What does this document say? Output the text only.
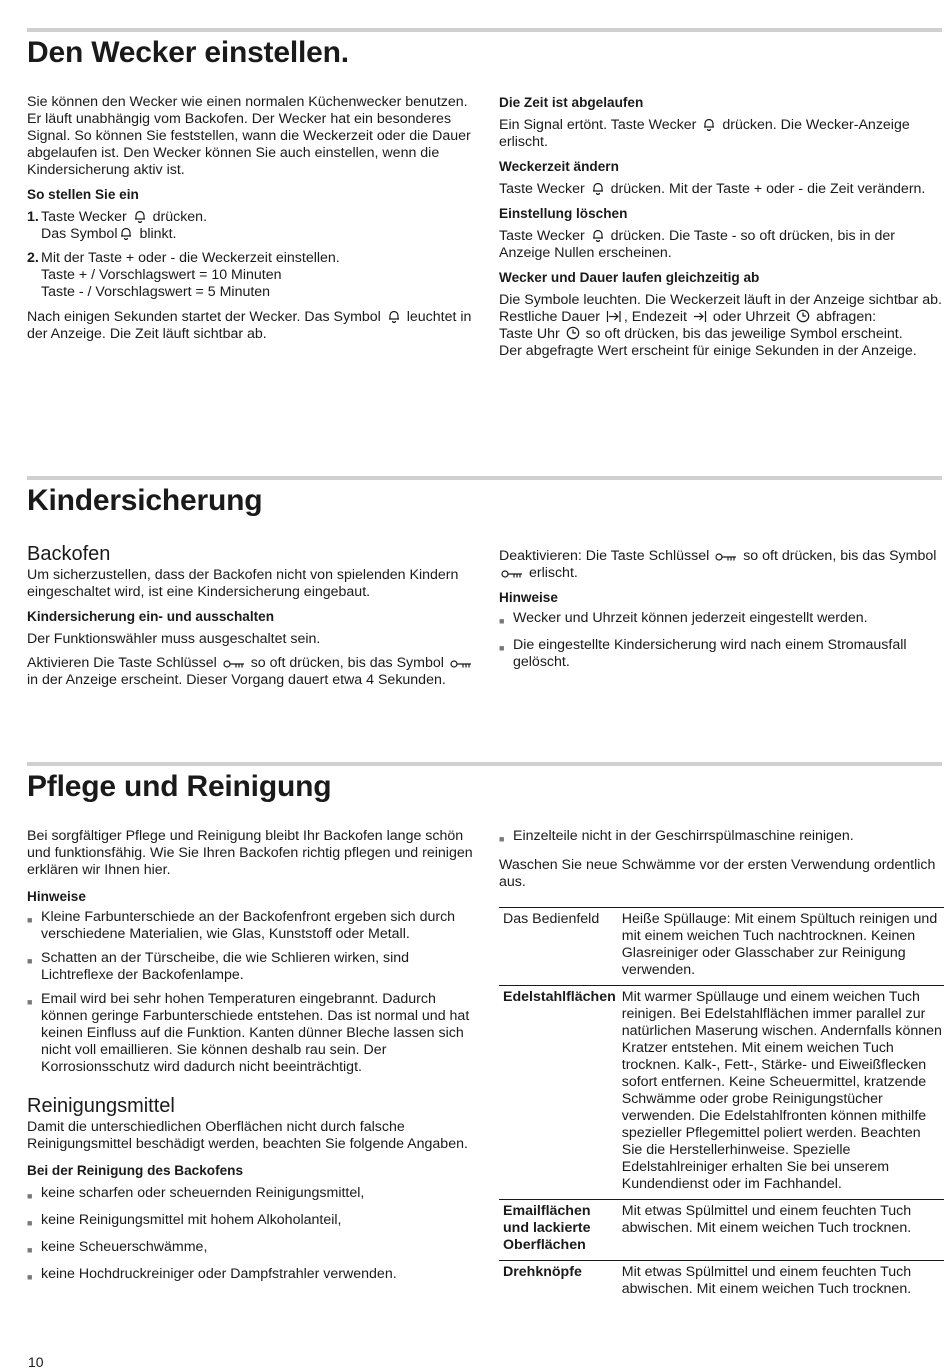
Den Wecker einstellen.

Sie können den Wecker wie einen normalen Küchenwecker benutzen. Er läuft unabhängig vom Backofen. Der Wecker hat ein besonderes Signal. So können Sie feststellen, wann die Weckerzeit oder die Dauer abgelaufen ist. Den Wecker können Sie auch einstellen, wenn die Kindersicherung aktiv ist.

So stellen Sie ein
1. Taste Wecker drücken.
Das Symbol blinkt.
2. Mit der Taste + oder - die Weckerzeit einstellen.
Taste + / Vorschlagswert = 10 Minuten
Taste - / Vorschlagswert = 5 Minuten

Nach einigen Sekunden startet der Wecker. Das Symbol leuchtet in der Anzeige. Die Zeit läuft sichtbar ab.

Die Zeit ist abgelaufen

Ein Signal ertönt. Taste Wecker drücken. Die Wecker-Anzeige erlischt.

Weckerzeit ändern

Taste Wecker drücken. Mit der Taste + oder - die Zeit verändern.

Einstellung löschen

Taste Wecker drücken. Die Taste - so oft drücken, bis in der Anzeige Nullen erscheinen.

Wecker und Dauer laufen gleichzeitig ab

Die Symbole leuchten. Die Weckerzeit läuft in der Anzeige sichtbar ab.
Restliche Dauer , Endezeit oder Uhrzeit abfragen:
Taste Uhr so oft drücken, bis das jeweilige Symbol erscheint.
Der abgefragte Wert erscheint für einige Sekunden in der Anzeige.

Kindersicherung
Backofen

Um sicherzustellen, dass der Backofen nicht von spielenden Kindern eingeschaltet wird, ist eine Kindersicherung eingebaut.

Kindersicherung ein- und ausschalten

Der Funktionswähler muss ausgeschaltet sein.

Aktivieren Die Taste Schlüssel so oft drücken, bis das Symbol  in der Anzeige erscheint. Dieser Vorgang dauert etwa 4 Sekunden.

Deaktivieren: Die Taste Schlüssel so oft drücken, bis das Symbol  erlischt.

Hinweise
■ Wecker und Uhrzeit können jederzeit eingestellt werden.
■ Die eingestellte Kindersicherung wird nach einem Stromausfall gelöscht.
Pflege und Reinigung

Bei sorgfältiger Pflege und Reinigung bleibt Ihr Backofen lange schön und funktionsfähig. Wie Sie Ihren Backofen richtig pflegen und reinigen erklären wir Ihnen hier.

Hinweise
■ Kleine Farbunterschiede an der Backofenfront ergeben sich durch verschiedene Materialien, wie Glas, Kunststoff oder Metall.
■ Schatten an der Türscheibe, die wie Schlieren wirken, sind Lichtreflexe der Backofenlampe.
■ Email wird bei sehr hohen Temperaturen eingebrannt. Dadurch können geringe Farbunterschiede entstehen. Das ist normal und hat keinen Einfluss auf die Funktion. Kanten dünner Bleche lassen sich nicht voll emaillieren. Sie können deshalb rau sein. Der Korrosionsschutz wird dadurch nicht beeinträchtigt.
Reinigungsmittel

Damit die unterschiedlichen Oberflächen nicht durch falsche Reinigungsmittel beschädigt werden, beachten Sie folgende Angaben.

Bei der Reinigung des Backofens
■ keine scharfen oder scheuernden Reinigungsmittel,
■ keine Reinigungsmittel mit hohem Alkoholanteil,
■ keine Scheuerschwämme,
■ keine Hochdruckreiniger oder Dampfstrahler verwenden.
■ Einzelteile nicht in der Geschirrspülmaschine reinigen.

Waschen Sie neue Schwämme vor der ersten Verwendung ordentlich aus.

Das Bedienfeld	Heiße Spüllauge: Mit einem Spültuch reinigen und mit einem weichen Tuch nachtrocknen. Keinen Glasreiniger oder Glasschaber zur Reinigung verwenden.
Edelstahlflächen	Mit warmer Spüllauge und einem weichen Tuch reinigen. Bei Edelstahlflächen immer parallel zur natürlichen Maserung wischen. Andernfalls können Kratzer entstehen. Mit einem weichen Tuch trocknen. Kalk-, Fett-, Stärke- und Eiweißflecken sofort entfernen. Keine Scheuermittel, kratzende Schwämme oder grobe Reinigungstücher verwenden. Die Edelstahlfronten können mithilfe spezieller Pflegemittel poliert werden. Beachten Sie die Herstellerhinweise. Spezielle Edelstahlreiniger erhalten Sie bei unserem Kundendienst oder im Fachhandel.
Emailflächen und lackierte Oberflächen	Mit etwas Spülmittel und einem feuchten Tuch abwischen. Mit einem weichen Tuch trocknen.
Drehknöpfe	Mit etwas Spülmittel und einem feuchten Tuch abwischen. Mit einem weichen Tuch trocknen.
10
